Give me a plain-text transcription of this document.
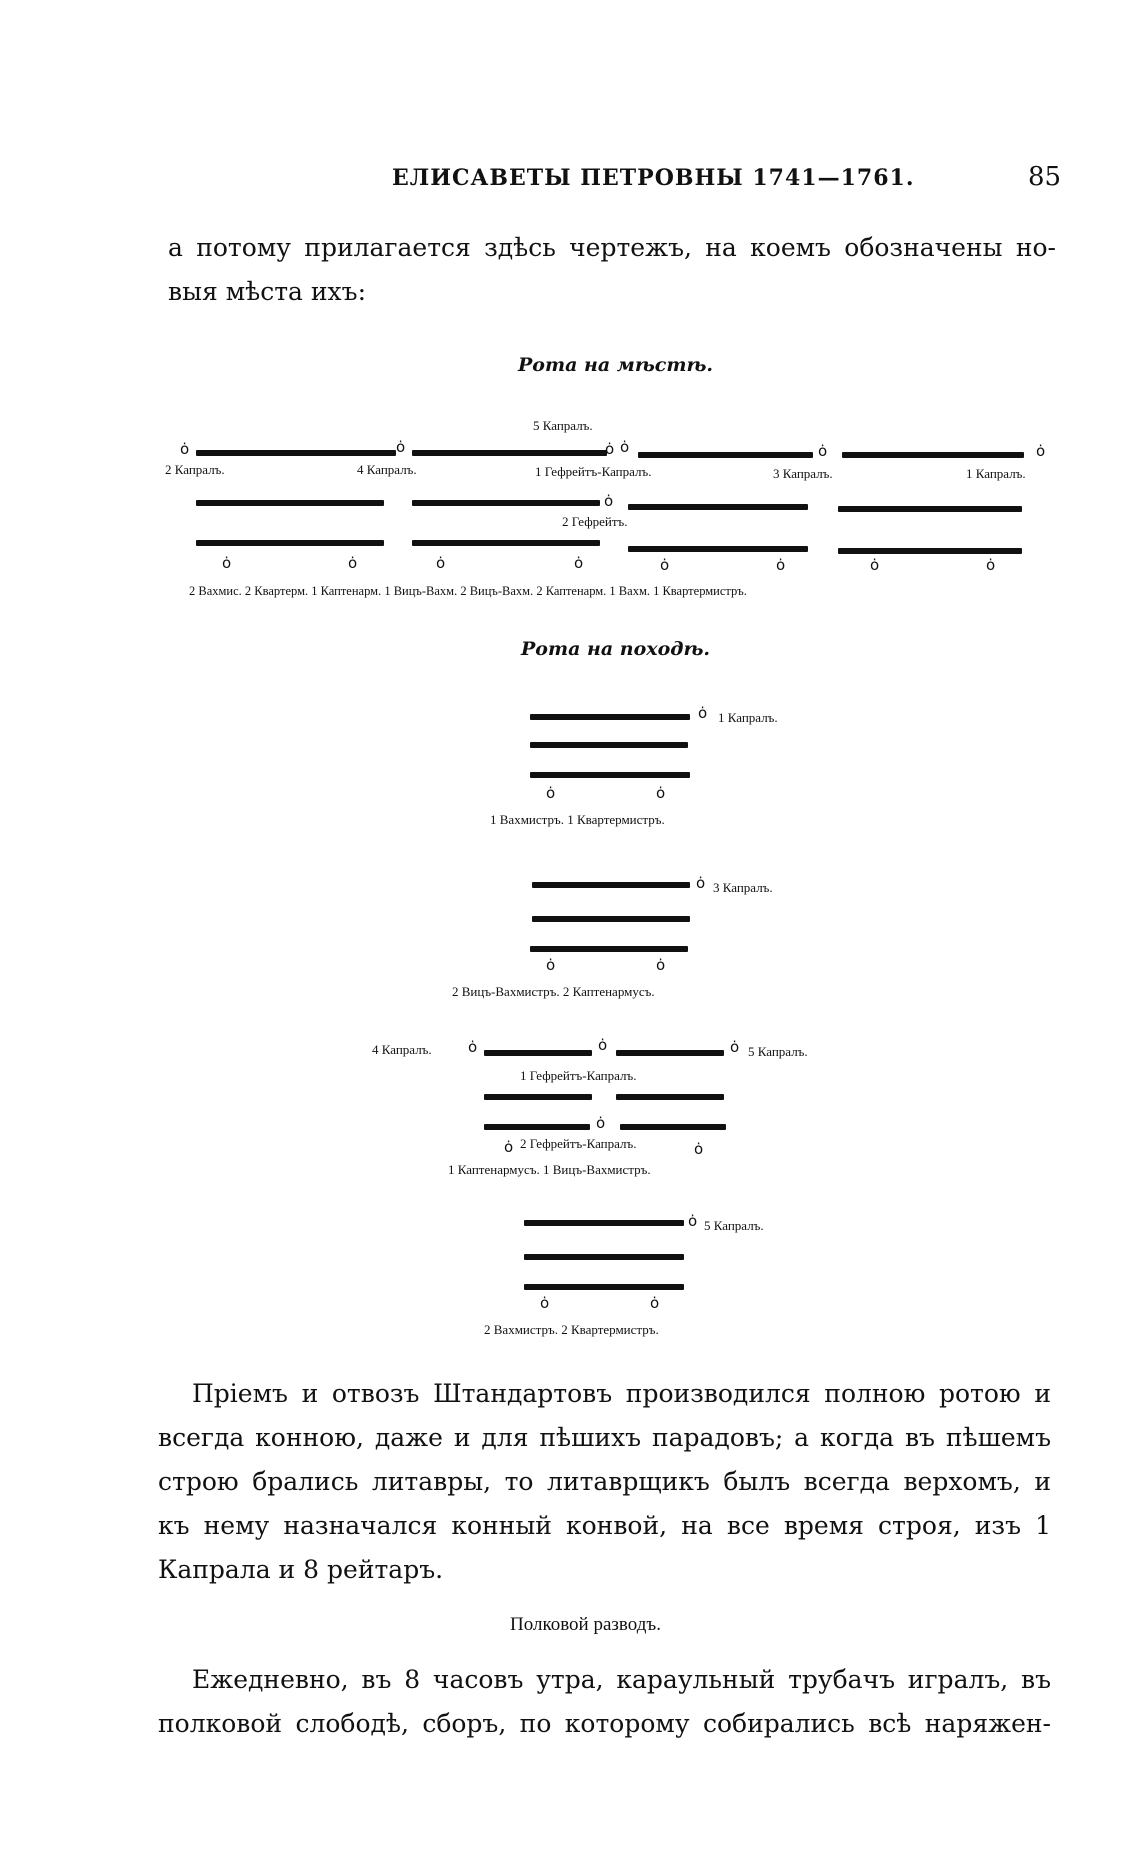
ЕЛИСАВЕТЫ ПЕТРОВНЫ 1741—1761.	85
а потому прилагается здѣсь чертежъ, на коемъ обозначены но-
выя мѣста ихъ:
Рота на мѣстѣ.
5 Капралъ.
ȯ	ȯ	ȯ ȯ	ȯ	ȯ
2 Капралъ.	4 Капралъ.	1 Гефрейтъ-Капралъ.	3 Капралъ.	1 Капралъ.
ȯ
2 Гефрейтъ.
ȯ	ȯ	ȯ	ȯ	ȯ	ȯ	ȯ	ȯ
2 Вахмис. 2 Квартерм. 1 Каптенарм. 1 Вицъ-Вахм. 2 Вицъ-Вахм. 2 Каптенарм. 1 Вахм. 1 Квартермистръ.
Рота на походѣ.
ȯ 1 Капралъ.
ȯ	ȯ
1 Вахмистръ. 1 Квартермистръ.
ȯ 3 Капралъ.
ȯ	ȯ
2 Вицъ-Вахмистръ. 2 Каптенармусъ.
4 Капралъ. ȯ	ȯ	ȯ 5 Капралъ.
1 Гефрейтъ-Капралъ.
ȯ
ȯ 2 Гефрейтъ-Капралъ.	ȯ
1 Каптенармусъ. 1 Вицъ-Вахмистръ.
ȯ 5 Капралъ.
ȯ	ȯ
2 Вахмистръ. 2 Квартермистръ.
Пріемъ и отвозъ Штандартовъ производился полною ротою и
всегда конною, даже и для пѣшихъ парадовъ; а когда въ пѣшемъ
строю брались литавры, то литаврщикъ былъ всегда верхомъ, и
къ нему назначался конный конвой, на все время строя, изъ 1
Капрала и 8 рейтаръ.
Полковой разводъ.
Ежедневно, въ 8 часовъ утра, караульный трубачъ игралъ, въ
полковой слободѣ, сборъ, по которому собирались всѣ наряжен-
